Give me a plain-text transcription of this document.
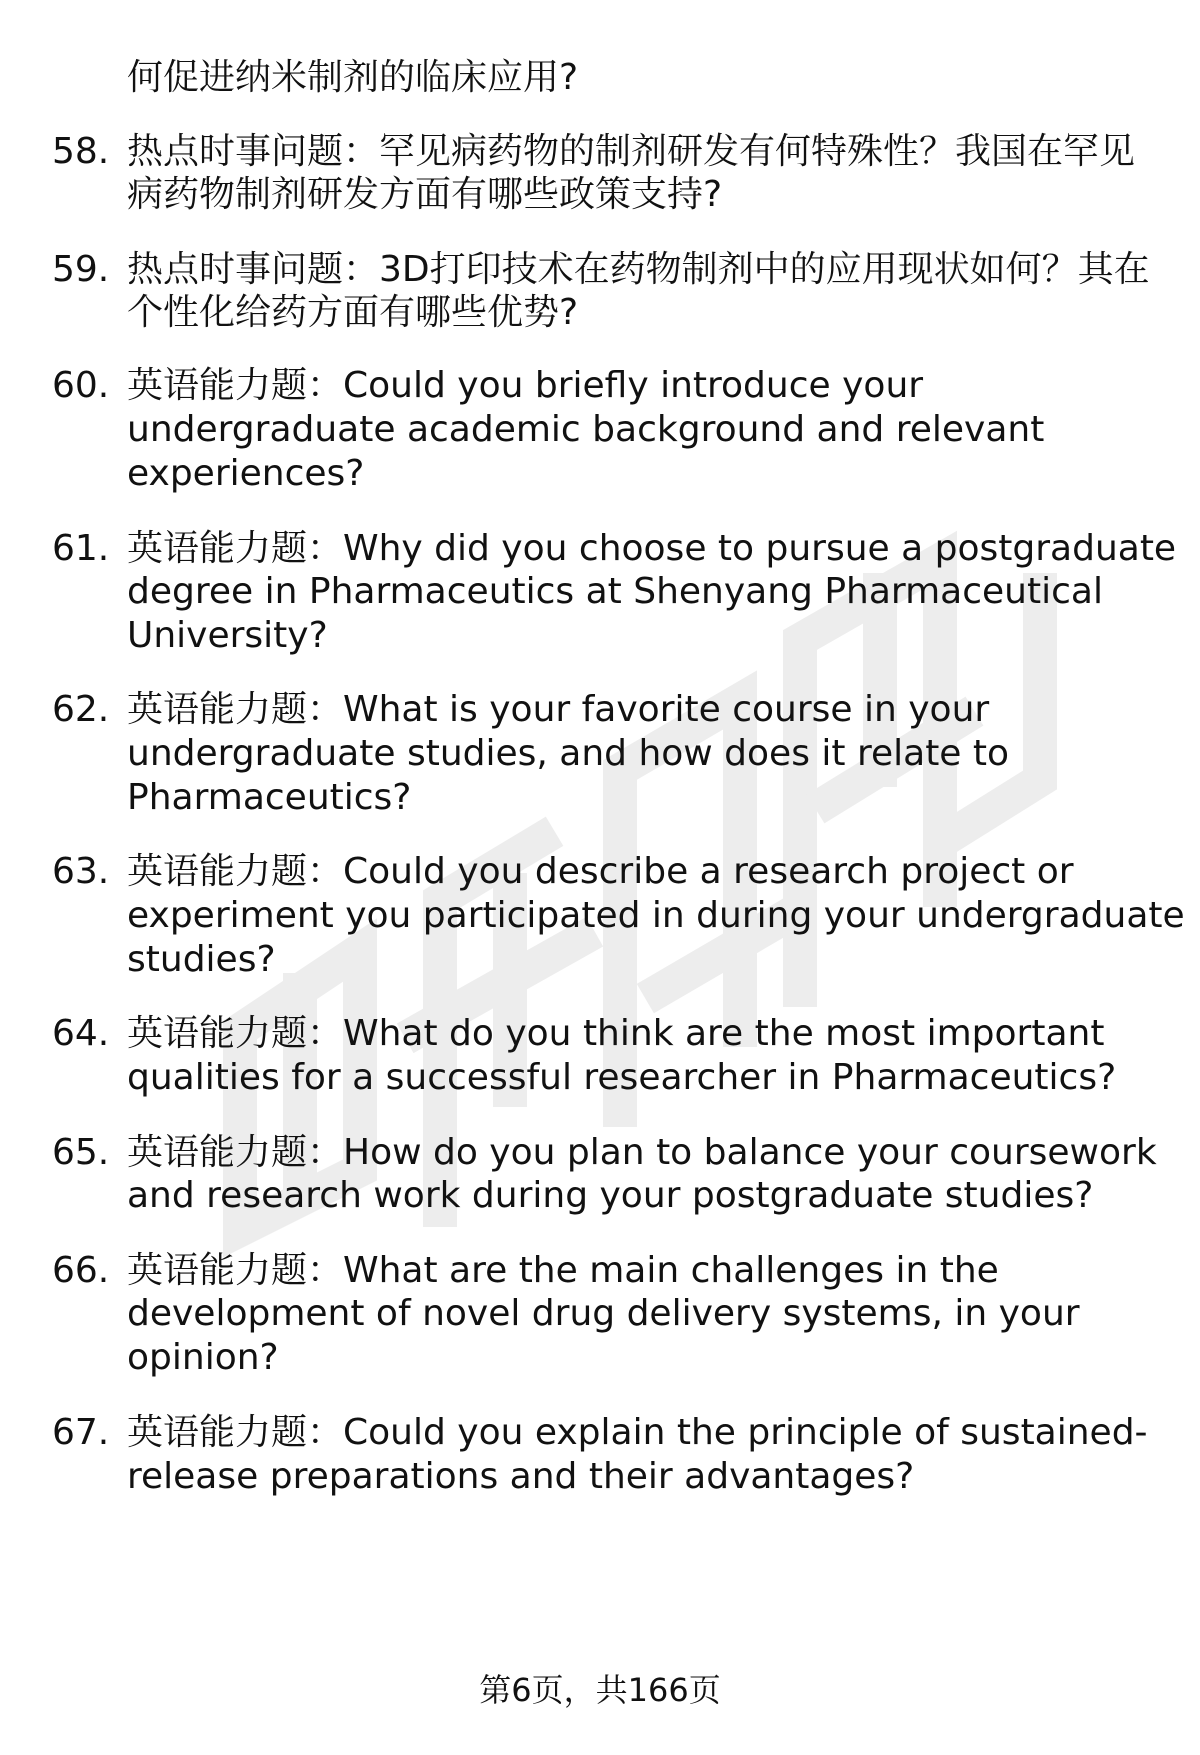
何促进纳米制剂的临床应用?
58. 热点时事问题：罕见病药物的制剂研发有何特殊性？我国在罕见
病药物制剂研发方面有哪些政策支持?
59. 热点时事问题：3D打印技术在药物制剂中的应用现状如何？其在
个性化给药方面有哪些优势?
60. 英语能力题：Could you briefly introduce your
undergraduate academic background and relevant
experiences?
61. 英语能力题：Why did you choose to pursue a postgraduate
degree in Pharmaceutics at Shenyang Pharmaceutical
University?
62. 英语能力题：What is your favorite course in your
undergraduate studies, and how does it relate to
Pharmaceutics?
63. 英语能力题：Could you describe a research project or
experiment you participated in during your undergraduate
studies?
64. 英语能力题：What do you think are the most important
qualities for a successful researcher in Pharmaceutics?
65. 英语能力题：How do you plan to balance your coursework
and research work during your postgraduate studies?
66. 英语能力题：What are the main challenges in the
development of novel drug delivery systems, in your
opinion?
67. 英语能力题：Could you explain the principle of sustained-
release preparations and their advantages?
第6页，共166页
